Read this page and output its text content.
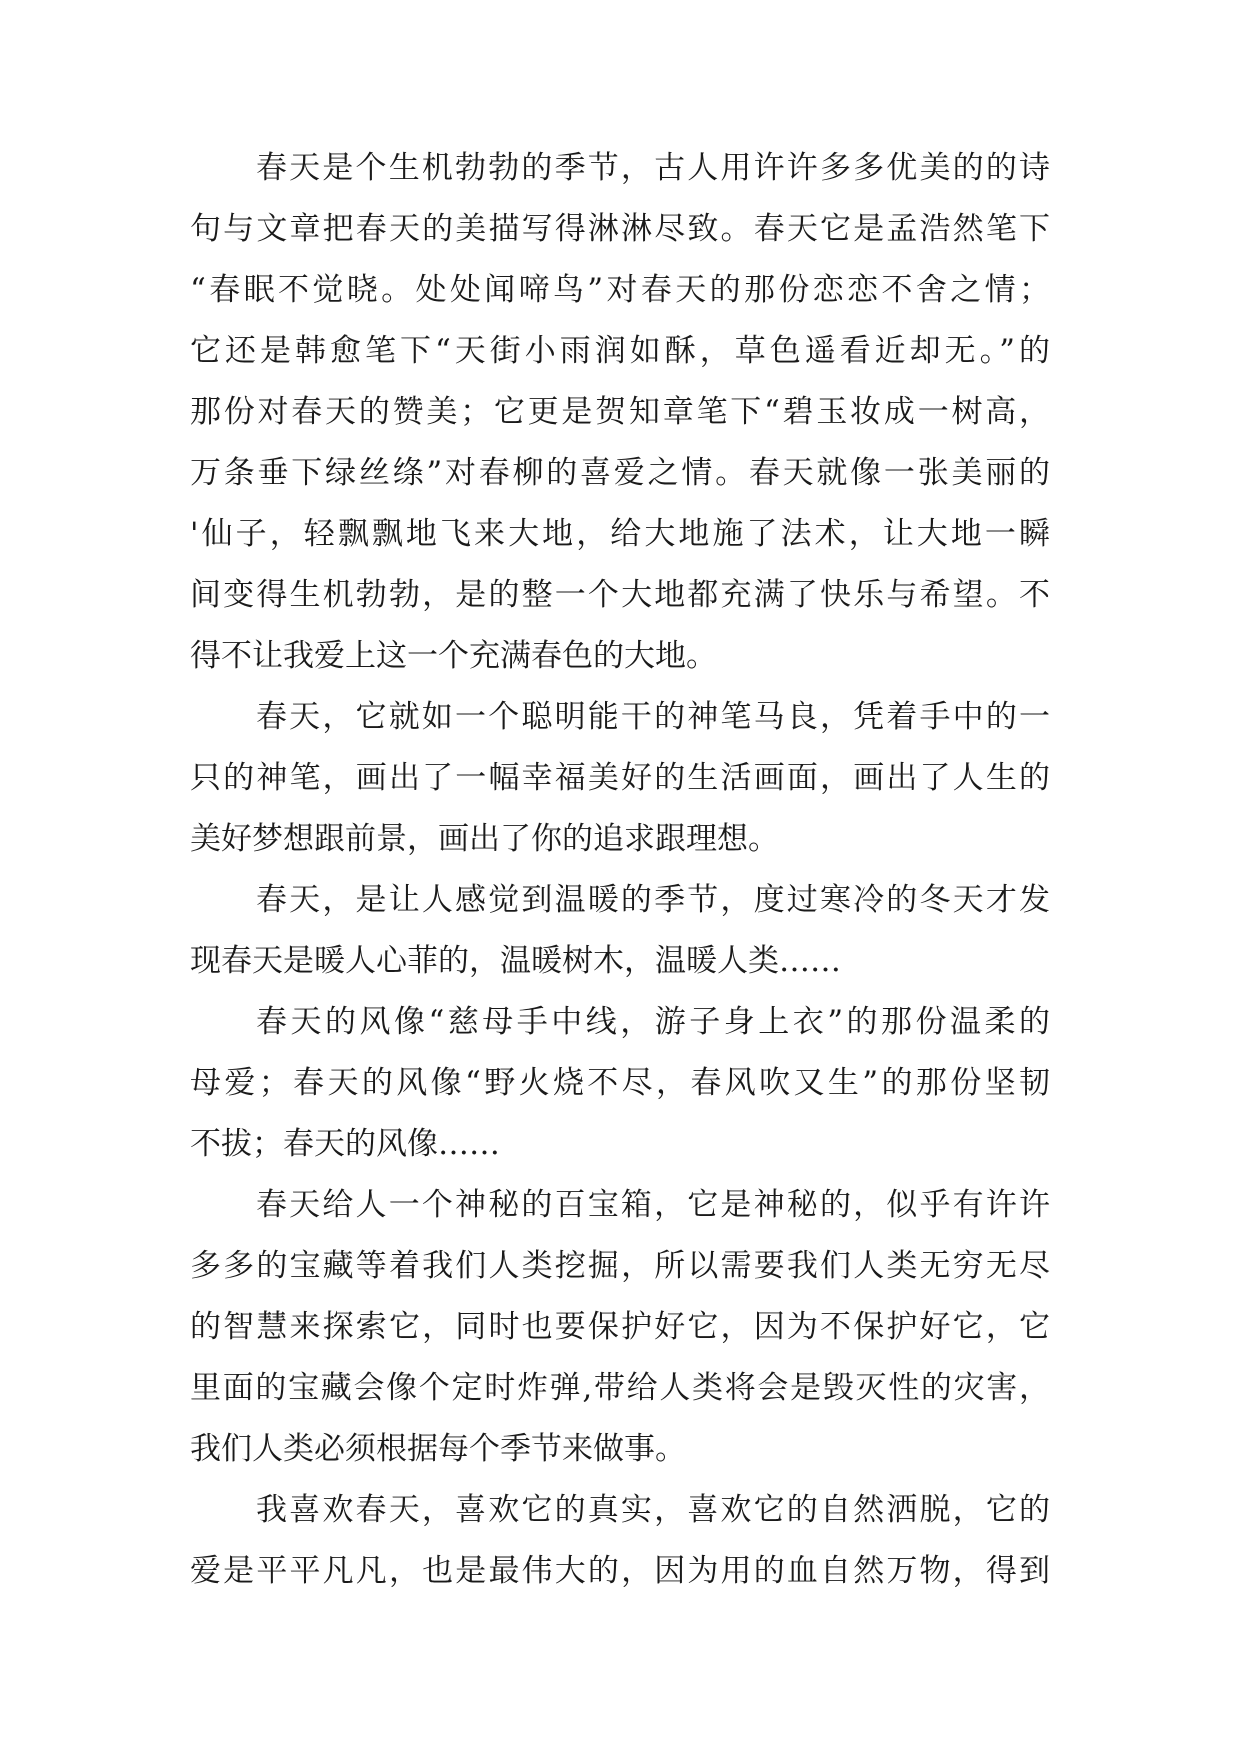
春天是个生机勃勃的季节，古人用许许多多优美的的诗
句与文章把春天的美描写得淋淋尽致。春天它是孟浩然笔下
“春眠不觉晓。处处闻啼鸟”对春天的那份恋恋不舍之情；
它还是韩愈笔下“天街小雨润如酥，草色遥看近却无。”的
那份对春天的赞美；它更是贺知章笔下“碧玉妆成一树高，
万条垂下绿丝绦”对春柳的喜爱之情。春天就像一张美丽的
'仙子，轻飘飘地飞来大地，给大地施了法术，让大地一瞬
间变得生机勃勃，是的整一个大地都充满了快乐与希望。不
得不让我爱上这一个充满春色的大地。
春天，它就如一个聪明能干的神笔马良，凭着手中的一
只的神笔，画出了一幅幸福美好的生活画面，画出了人生的
美好梦想跟前景，画出了你的追求跟理想。
春天，是让人感觉到温暖的季节，度过寒冷的冬天才发
现春天是暖人心菲的，温暖树木，温暖人类……
春天的风像“慈母手中线，游子身上衣”的那份温柔的
母爱；春天的风像“野火烧不尽，春风吹又生”的那份坚韧
不拔；春天的风像……
春天给人一个神秘的百宝箱，它是神秘的，似乎有许许
多多的宝藏等着我们人类挖掘，所以需要我们人类无穷无尽
的智慧来探索它，同时也要保护好它，因为不保护好它，它
里面的宝藏会像个定时炸弹,带给人类将会是毁灭性的灾害，
我们人类必须根据每个季节来做事。
我喜欢春天，喜欢它的真实，喜欢它的自然洒脱，它的
爱是平平凡凡，也是最伟大的，因为用的血自然万物，得到
